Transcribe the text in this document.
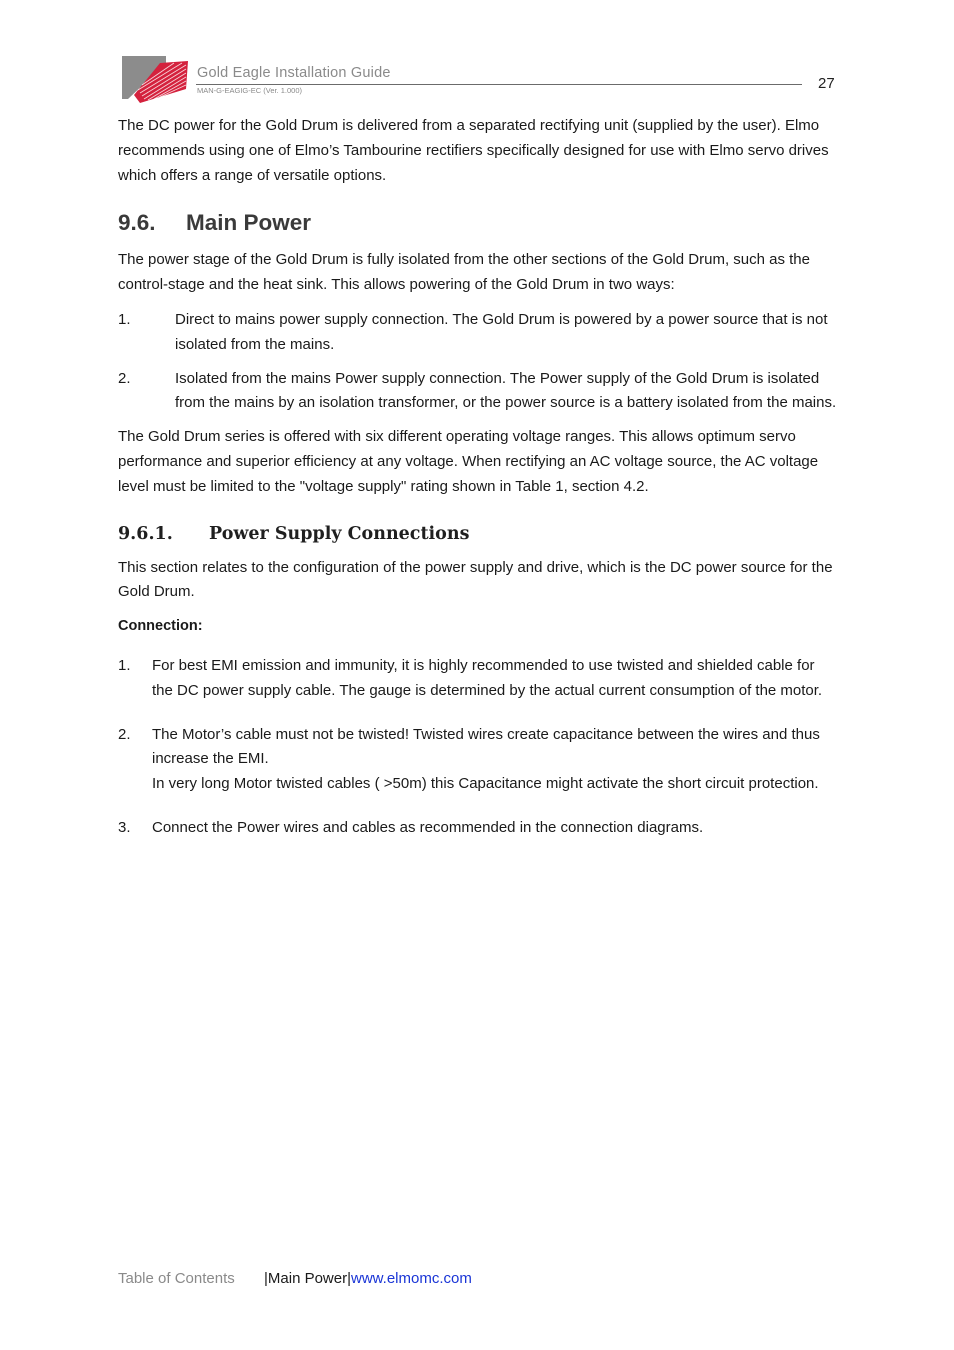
Gold Eagle Installation Guide
MAN-G-EAGIG-EC (Ver. 1.000)	27

The DC power for the Gold Drum is delivered from a separated rectifying unit (supplied by the user). Elmo recommends using one of Elmo’s Tambourine rectifiers specifically designed for use with Elmo servo drives which offers a range of versatile options.

9.6.	Main Power

The power stage of the Gold Drum is fully isolated from the other sections of the Gold Drum, such as the control-stage and the heat sink. This allows powering of the Gold Drum in two ways:

1.	Direct to mains power supply connection. The Gold Drum is powered by a power source that is not isolated from the mains.
2.	Isolated from the mains Power supply connection. The Power supply of the Gold Drum is isolated from the mains by an isolation transformer, or the power source is a battery isolated from the mains.

The Gold Drum series is offered with six different operating voltage ranges. This allows optimum servo performance and superior efficiency at any voltage. When rectifying an AC voltage source, the AC voltage level must be limited to the "voltage supply" rating shown in Table 1, section 4.2.

9.6.1.	Power Supply Connections

This section relates to the configuration of the power supply and drive, which is the DC power source for the Gold Drum.

Connection:

1.	For best EMI emission and immunity, it is highly recommended to use twisted and shielded cable for the DC power supply cable. The gauge is determined by the actual current consumption of the motor.
2.	The Motor’s cable must not be twisted! Twisted wires create capacitance between the wires and thus increase the EMI.
In very long Motor twisted cables ( >50m) this Capacitance might activate the short circuit protection.
3.	Connect the Power wires and cables as recommended in the connection diagrams.
Table of Contents |Main Power|www.elmomc.com
